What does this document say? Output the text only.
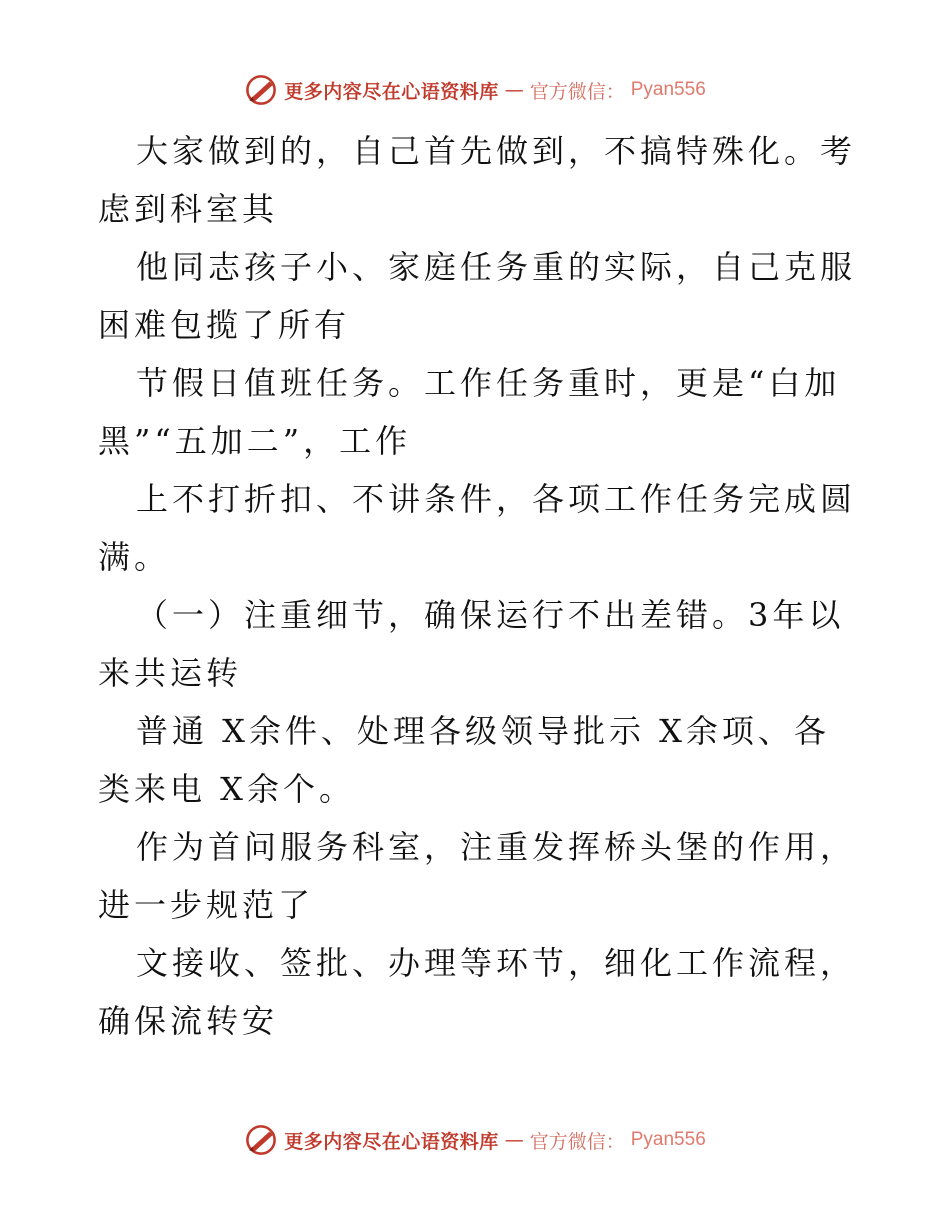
更多内容尽在心语资料库 — 官方微信： Pyan556

大家做到的，自己首先做到，不搞特殊化。考虑到科室其

他同志孩子小、家庭任务重的实际，自己克服困难包揽了所有

节假日值班任务。工作任务重时，更是“白加黑”“五加二”，工作

上不打折扣、不讲条件，各项工作任务完成圆满。

（一）注重细节，确保运行不出差错。3年以来共运转

普通 X余件、处理各级领导批示 X余项、各类来电 X余个。

作为首问服务科室，注重发挥桥头堡的作用，进一步规范了

文接收、签批、办理等环节，细化工作流程，确保流转安

更多内容尽在心语资料库 — 官方微信： Pyan556
